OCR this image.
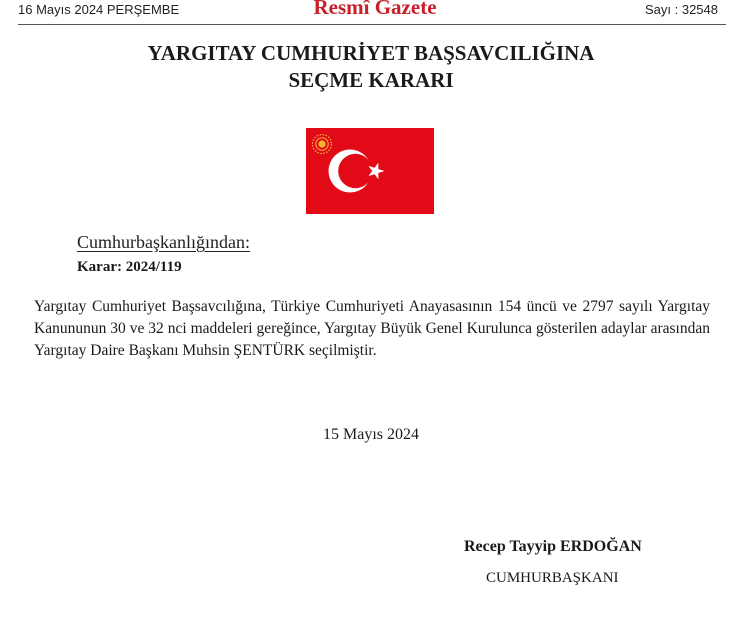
16 Mayıs 2024 PERŞEMBE	Resmî Gazete	Sayı : 32548
YARGITAY CUMHURİYET BAŞSAVCILIĞINA
SEÇME KARARI
Cumhurbaşkanlığından:
Karar: 2024/119
Yargıtay Cumhuriyet Başsavcılığına, Türkiye Cumhuriyeti Anayasasının 154 üncü ve 2797 sayılı Yargıtay Kanununun 30 ve 32 nci maddeleri gereğince, Yargıtay Büyük Genel Kurulunca gösterilen adaylar arasından Yargıtay Daire Başkanı Muhsin ŞENTÜRK seçilmiştir.
15 Mayıs 2024
Recep Tayyip ERDOĞAN
CUMHURBAŞKANI
